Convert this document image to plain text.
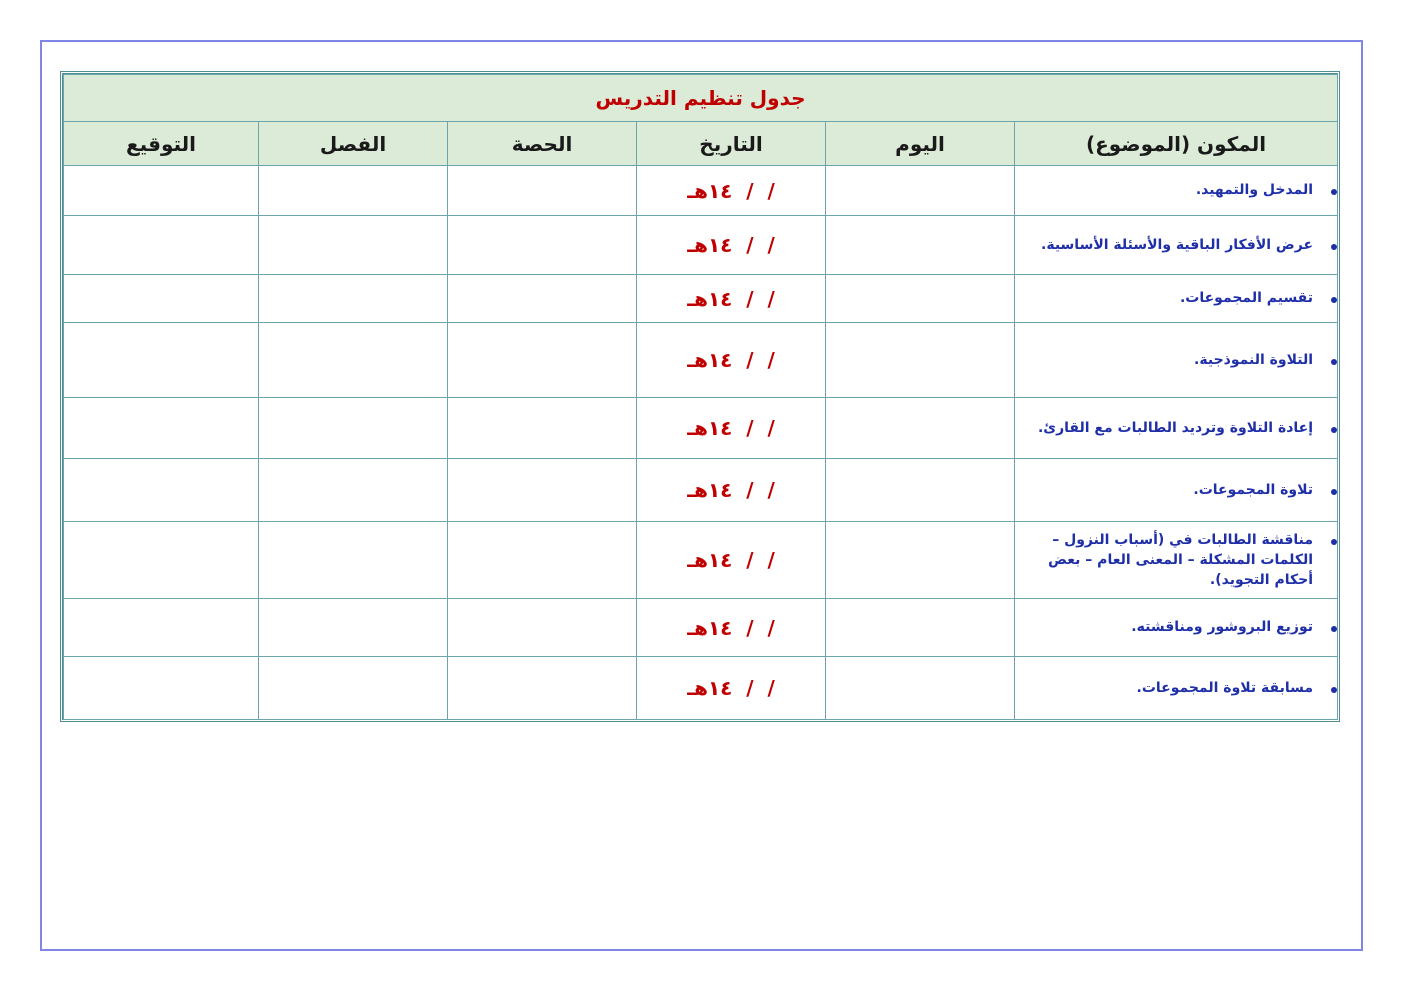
جدول تنظيم التدريس					
المكون (الموضوع)	اليوم	التاريخ	الحصة	الفصل	التوقيع

المدخل والتمهيد.		/  /  ١٤هـ			

عرض الأفكار الباقية والأسئلة الأساسية.		/  /  ١٤هـ			

تقسيم المجموعات.		/  /  ١٤هـ			

التلاوة النموذجية.		/  /  ١٤هـ			

إعادة التلاوة وترديد الطالبات مع القارئ.		/  /  ١٤هـ			

تلاوة المجموعات.		/  /  ١٤هـ			

مناقشة الطالبات في (أسباب النزول – الكلمات المشكلة – المعنى العام – بعض أحكام التجويد).		/  /  ١٤هـ			

توزيع البروشور ومناقشته.		/  /  ١٤هـ			

مسابقة تلاوة المجموعات.		/  /  ١٤هـ			
